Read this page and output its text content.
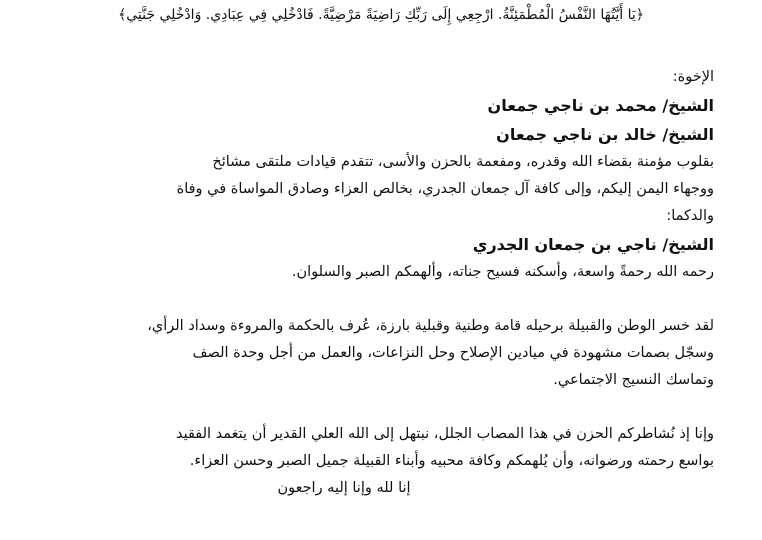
﴿يَا أَيَّتُهَا النَّفْسُ الْمُطْمَئِنَّةُ. ارْجِعِي إِلَى رَبِّكِ رَاضِيَةً مَرْضِيَّةً. فَادْخُلِي فِي عِبَادِي. وَادْخُلِي جَنَّتِي﴾

الإخوة:

الشيخ/ محمد بن ناجي جمعان

الشيخ/ خالد بن ناجي جمعان

بقلوب مؤمنة بقضاء الله وقدره، ومفعمة بالحزن والأسى، تتقدم قيادات ملتقى مشائخ

ووجهاء اليمن إليكم، وإلى كافة آل جمعان الجدري، بخالص العزاء وصادق المواساة في وفاة

والدكما:

الشيخ/ ناجي بن جمعان الجدري

رحمه الله رحمةً واسعة، وأسكنه فسيح جناته، وألهمكم الصبر والسلوان.

لقد خسر الوطن والقبيلة برحيله قامة وطنية وقبلية بارزة، عُرف بالحكمة والمروءة وسداد الرأي،

وسجّل بصمات مشهودة في ميادين الإصلاح وحل النزاعات، والعمل من أجل وحدة الصف

وتماسك النسيج الاجتماعي.

وإنا إذ نُشاطركم الحزن في هذا المصاب الجلل، نبتهل إلى الله العلي القدير أن يتغمد الفقيد

بواسع رحمته ورضوانه، وأن يُلهمكم وكافة محبيه وأبناء القبيلة جميل الصبر وحسن العزاء.

إنا لله وإنا إليه راجعون
